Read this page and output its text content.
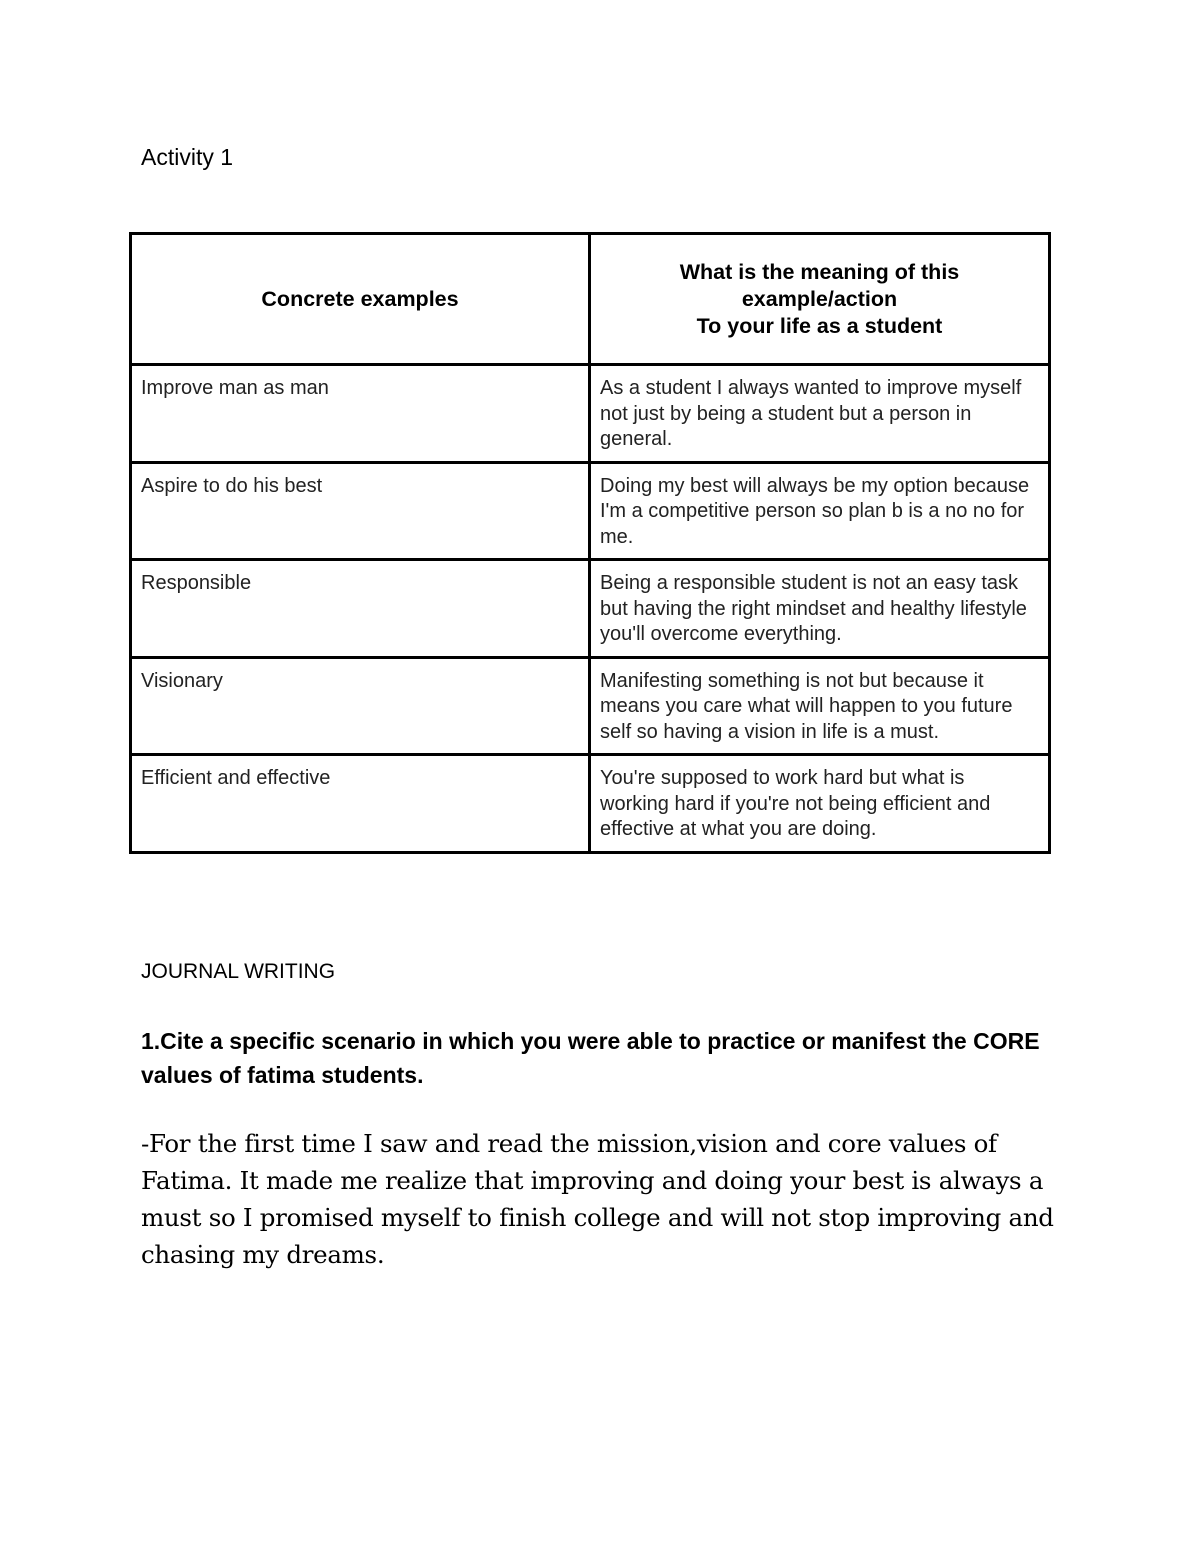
Activity 1
Concrete examples	What is the meaning of this example/action
To your life as a student

Improve man as man	As a student I always wanted to improve myself not just by being a student but a person in general.
Aspire to do his best	Doing my best will always be my option because I'm a competitive person so plan b is a no no for me.
Responsible	Being a responsible student is not an easy task but having the right mindset and healthy lifestyle you'll overcome everything.
Visionary	Manifesting something is not but because it means you care what will happen to you future self so having a vision in life is a must.
Efficient and effective	You're supposed to work hard but what is working hard if you're not being efficient and effective at what you are doing.
JOURNAL WRITING

1.Cite a specific scenario in which you were able to practice or manifest the CORE values of fatima students.

-For the first time I saw and read the mission,vision and core values of Fatima. It made me realize that improving and doing your best is always a must so I promised myself to finish college and will not stop improving and chasing my dreams.
